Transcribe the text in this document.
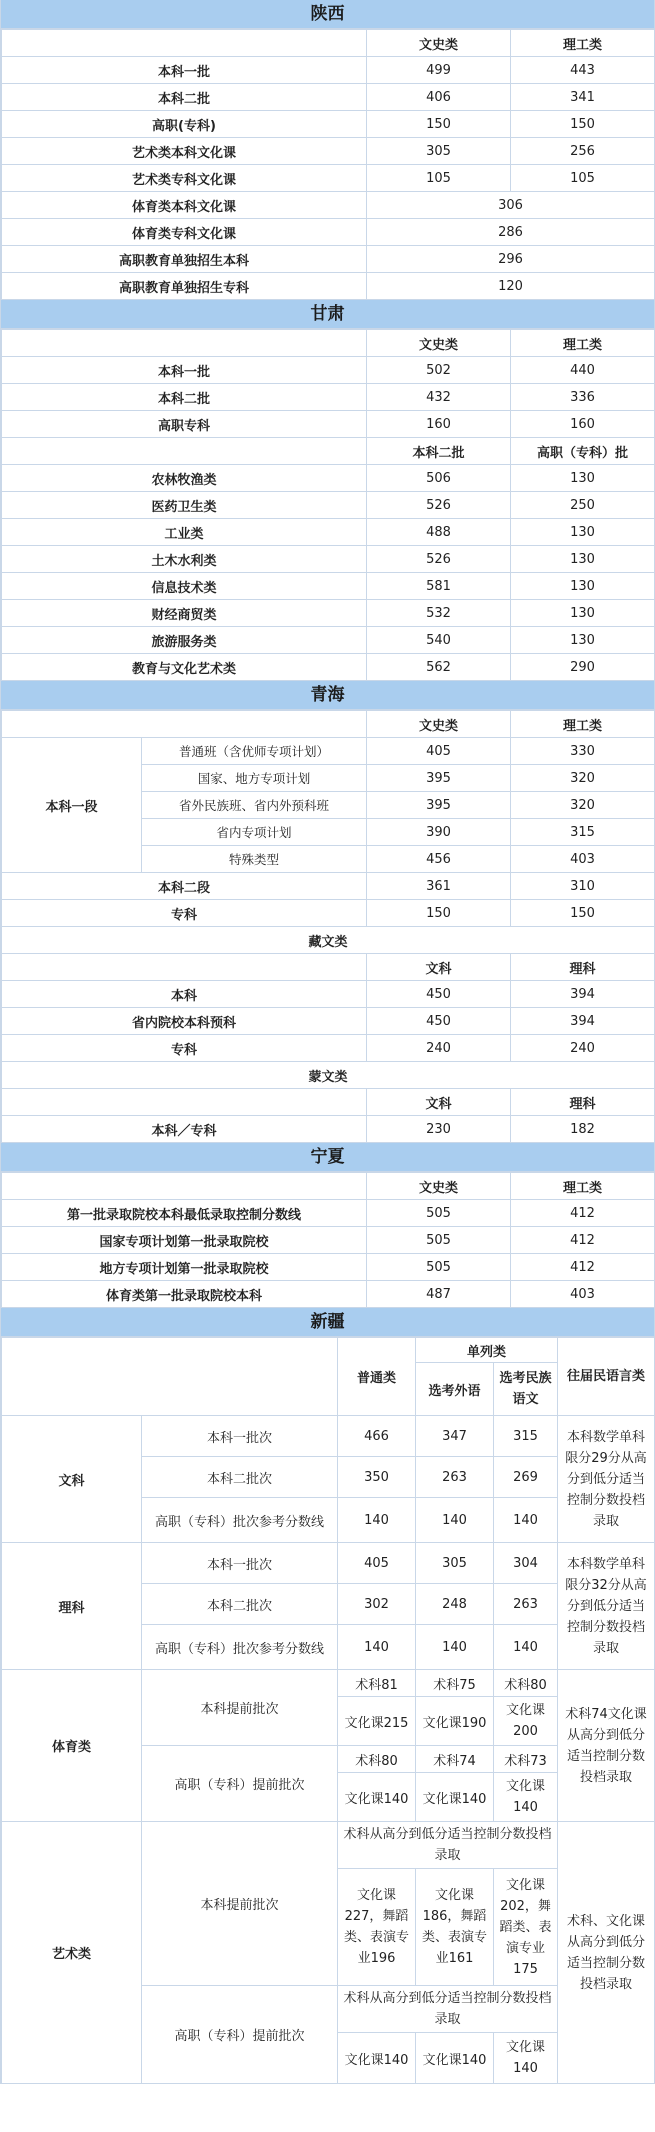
陕西
	文史类	理工类
本科一批	499	443
本科二批	406	341
高职(专科)	150	150
艺术类本科文化课	305	256
艺术类专科文化课	105	105
体育类本科文化课	306	
体育类专科文化课	286	
高职教育单独招生本科	296	
高职教育单独招生专科	120	
甘肃
	文史类	理工类
本科一批	502	440
本科二批	432	336
高职专科	160	160
	本科二批	高职（专科）批
农林牧渔类	506	130
医药卫生类	526	250
工业类	488	130
土木水利类	526	130
信息技术类	581	130
财经商贸类	532	130
旅游服务类	540	130
教育与文化艺术类	562	290
青海
		文史类	理工类
本科一段	普通班（含优师专项计划）	405	330
	国家、地方专项计划	395	320
	省外民族班、省内外预科班	395	320
	省内专项计划	390	315
	特殊类型	456	403
本科二段		361	310
专科		150	150
藏文类			
		文科	理科
本科		450	394
省内院校本科预科		450	394
专科		240	240
蒙文类			
		文科	理科
本科／专科		230	182
宁夏
	文史类	理工类
第一批录取院校本科最低录取控制分数线	505	412
国家专项计划第一批录取院校	505	412
地方专项计划第一批录取院校	505	412
体育类第一批录取院校本科	487	403
新疆
		普通类	单列类		往届民语言类
			选考外语	选考民族语文	
文科	本科一批次	466	347	315	本科数学单科限分29分从高分到低分适当控制分数投档录取
	本科二批次	350	263	269	
	高职（专科）批次参考分数线	140	140	140	
理科	本科一批次	405	305	304	本科数学单科限分32分从高分到低分适当控制分数投档录取
	本科二批次	302	248	263	
	高职（专科）批次参考分数线	140	140	140	
体育类	本科提前批次	术科81	术科75	术科80	术科74文化课从高分到低分适当控制分数投档录取
		文化课215	文化课190	文化课200	
	高职（专科）提前批次	术科80	术科74	术科73	
		文化课140	文化课140	文化课140	
艺术类	本科提前批次	术科从高分到低分适当控制分数投档录取			术科、文化课从高分到低分适当控制分数投档录取
		文化课227，舞蹈类、表演专业196	文化课186，舞蹈类、表演专业161	文化课202，舞蹈类、表演专业175	
	高职（专科）提前批次	术科从高分到低分适当控制分数投档录取			
		文化课140	文化课140	文化课140	
